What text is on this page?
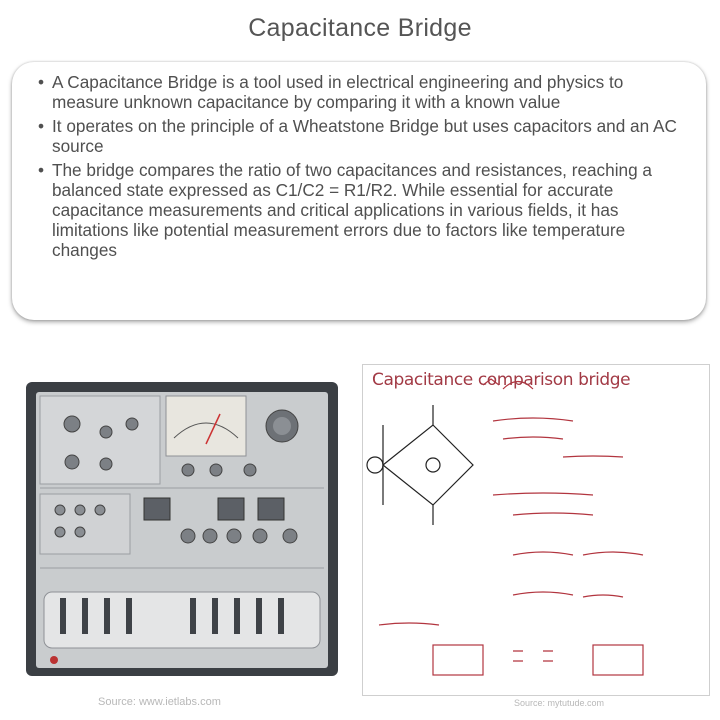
Capacitance Bridge
• A Capacitance Bridge is a tool used in electrical engineering and physics to measure unknown capacitance by comparing it with a known value
• It operates on the principle of a Wheatstone Bridge but uses capacitors and an AC source
• The bridge compares the ratio of two capacitances and resistances, reaching a balanced state expressed as C1/C2 = R1/R2. While essential for accurate capacitance measurements and critical applications in various fields, it has limitations like potential measurement errors due to factors like temperature changes
Source: www.ietlabs.com
Capacitance comparison bridge
Source: mytutude.com
